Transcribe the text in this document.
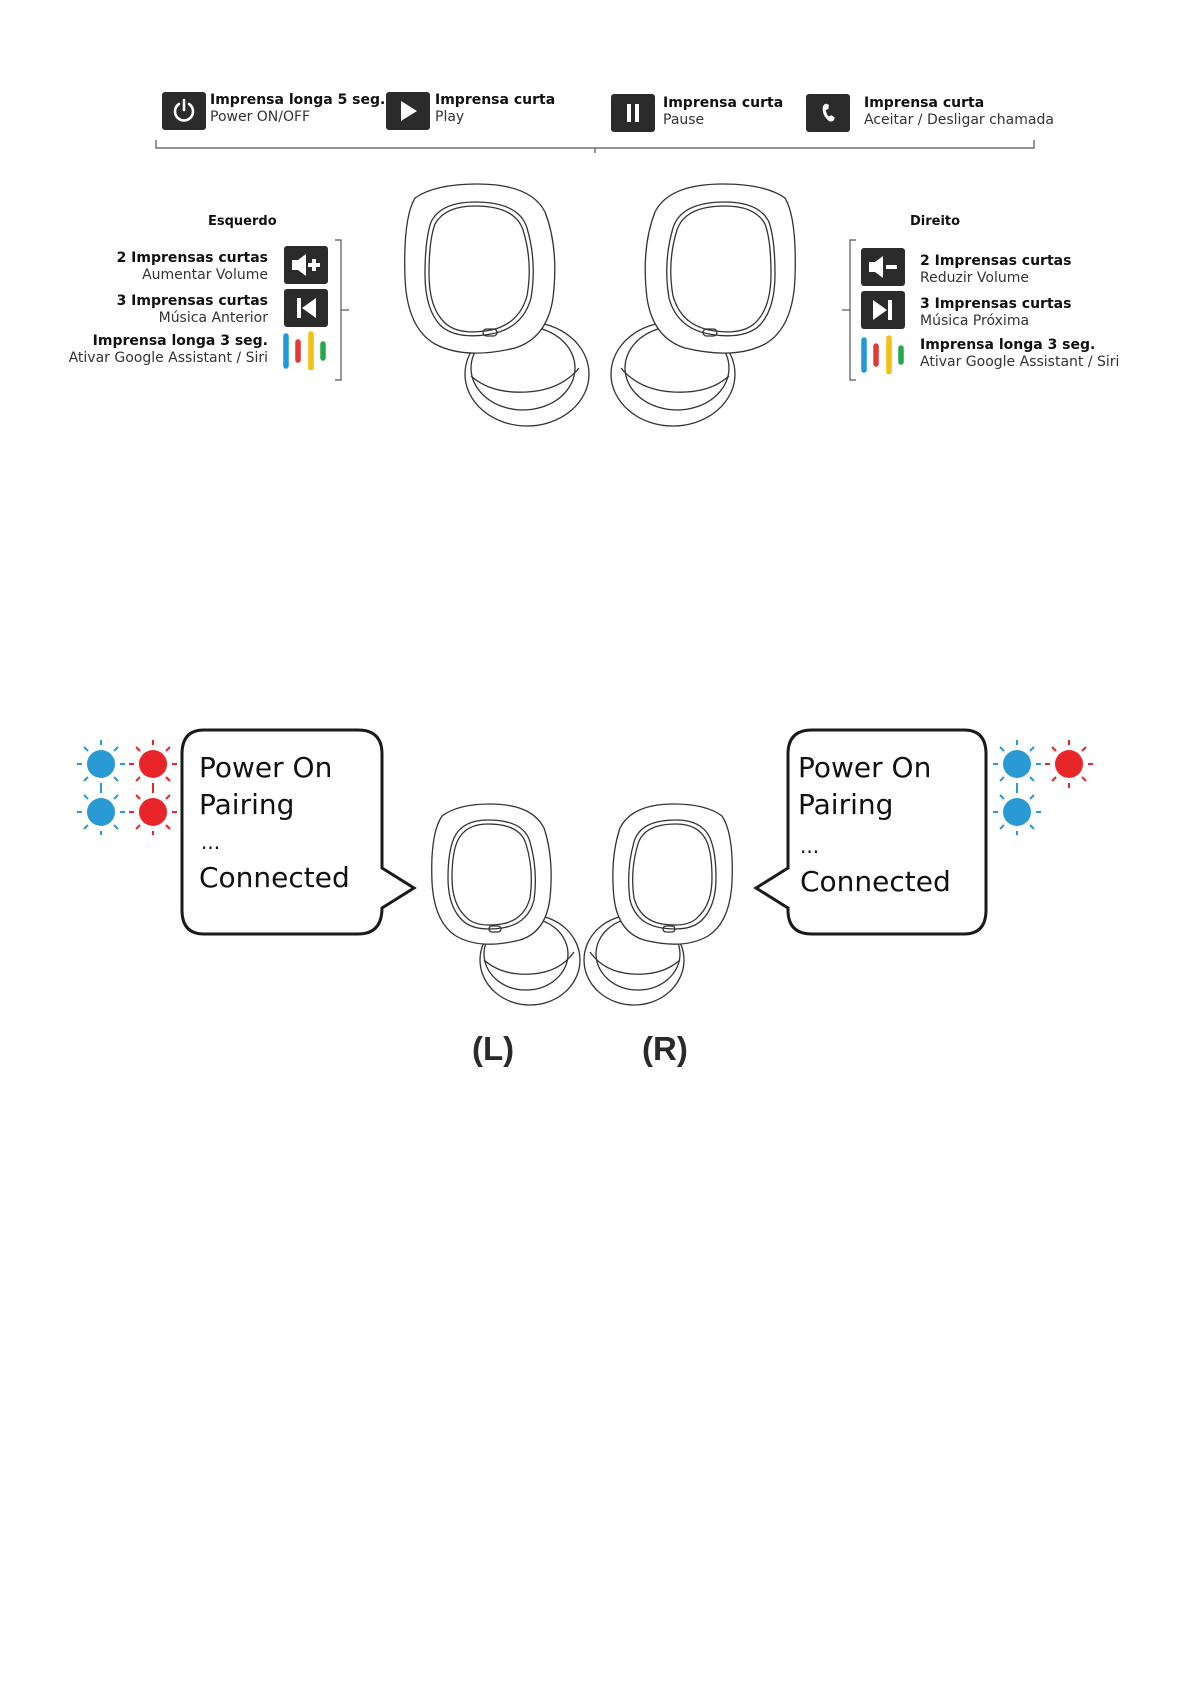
Imprensa longa 5 seg.
Power ON/OFF
Imprensa curta
Play
Imprensa curta
Pause
Imprensa curta
Aceitar / Desligar chamada
Esquerdo
2 Imprensas curtas
Aumentar Volume
3 Imprensas curtas
Música Anterior
Imprensa longa 3 seg.
Ativar Google Assistant / Siri
Direito
2 Imprensas curtas
Reduzir Volume
3 Imprensas curtas
Música Próxima
Imprensa longa 3 seg.
Ativar Google Assistant / Siri
Power On
Pairing
...
Connected
Power On
Pairing
...
Connected
(L)	(R)
